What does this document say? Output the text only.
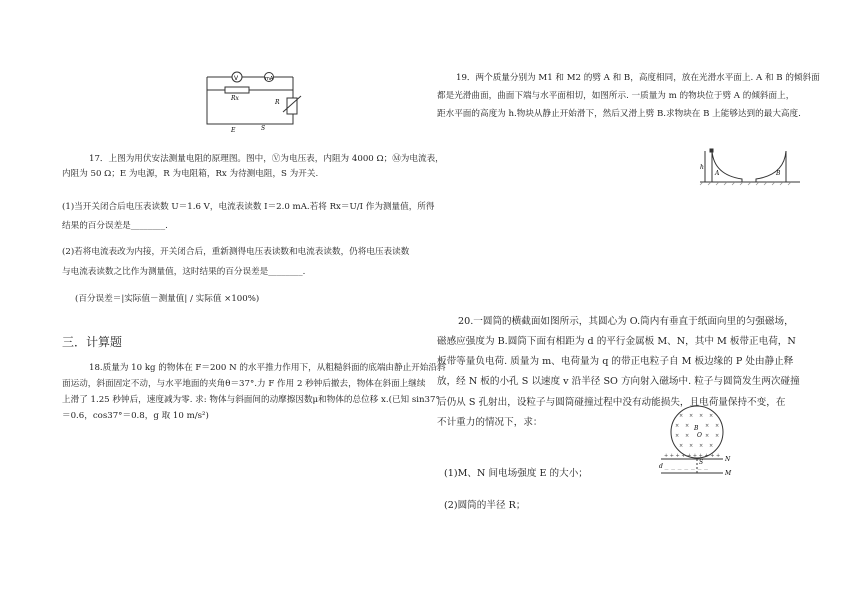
V	mA
Rx
R
E	S
17．上图为用伏安法测量电阻的原理图。图中，Ⓥ为电压表，内阻为 4000 Ω；Ⓜ为电流表，
内阻为 50 Ω；E 为电源，R 为电阻箱，Rx 为待测电阻，S 为开关.
(1)当开关闭合后电压表读数 U＝1.6 V，电流表读数 I＝2.0 mA.若将 Rx＝U/I 作为测量值，所得
结果的百分误差是________.
(2)若将电流表改为内接，开关闭合后，重新测得电压表读数和电流表读数，仍将电压表读数
与电流表读数之比作为测量值，这时结果的百分误差是________.
(百分误差＝|实际值－测量值| / 实际值 ×100%)
三．计算题
18.质量为 10 kg 的物体在 F＝200 N 的水平推力作用下，从粗糙斜面的底端由静止开始沿斜
面运动，斜面固定不动，与水平地面的夹角θ＝37°.力 F 作用 2 秒钟后撤去，物体在斜面上继续
上滑了 1.25 秒钟后，速度减为零. 求: 物体与斜面间的动摩擦因数μ和物体的总位移 x.(已知 sin37°
＝0.6，cos37°＝0.8，g 取 10 m/s²)
19．两个质量分别为 M1 和 M2 的劈 A 和 B，高度相同，放在光滑水平面上. A 和 B 的倾斜面
都是光滑曲面，曲面下端与水平面相切，如图所示. 一质量为 m 的物块位于劈 A 的倾斜面上，
距水平面的高度为 h.物块从静止开始滑下，然后又滑上劈 B.求物块在 B 上能够达到的最大高度.
h
A	B
20.一圆筒的横截面如图所示，其圆心为 O.筒内有垂直于纸面向里的匀强磁场，
磁感应强度为 B.圆筒下面有相距为 d 的平行金属板 M、N，其中 M 板带正电荷，N
板带等量负电荷. 质量为 m、电荷量为 q 的带正电粒子自 M 板边缘的 P 处由静止释
放，经 N 板的小孔 S 以速度 v 沿半径 SO 方向射入磁场中. 粒子与圆筒发生两次碰撞
后仍从 S 孔射出，设粒子与圆筒碰撞过程中没有动能损失，且电荷量保持不变，在
不计重力的情况下，求：
(1)M、N 间电场强度 E 的大小；
(2)圆筒的半径 R；
× × × ×
× ×	× ×
× ×	× ×
× × × ×
+ + + + + + + + + +
－ － － － － － －
B
O
S
d
N
M
